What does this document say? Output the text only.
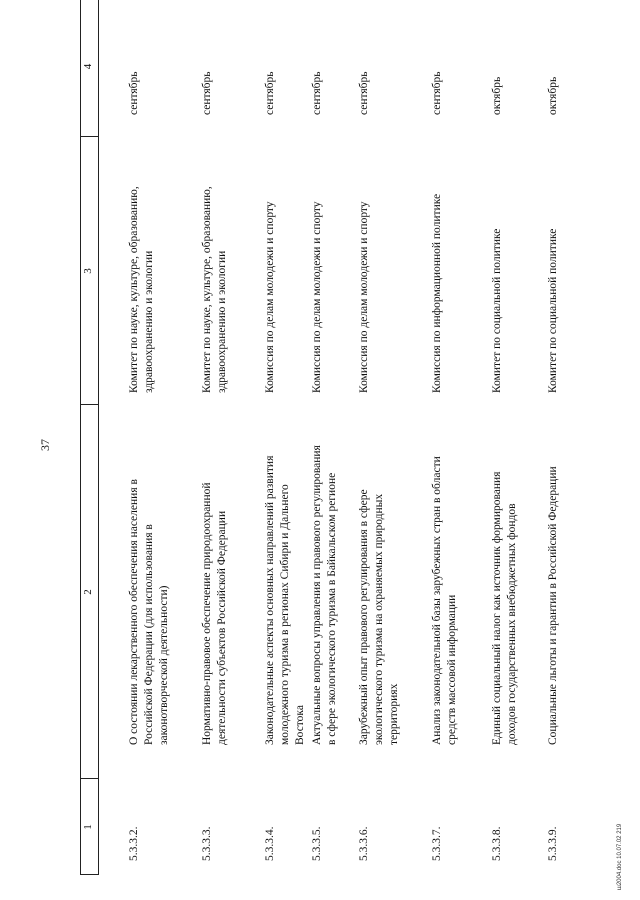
37
1
2
3
4
5.3.3.2.
О состоянии лекарственного обеспечения населения в Российской Федерации (для использования в законотворческой деятельности)
Комитет по науке, культуре, образованию, здравоохранению и экологии
сентябрь
5.3.3.3.
Нормативно-правовое обеспечение природоохранной деятельности субъектов Российской Федерации
Комитет по науке, культуре, образованию, здравоохранению и экологии
сентябрь
5.3.3.4.
Законодательные аспекты основных направлений развития молодежного туризма в регионах Сибири и Дальнего Востока
Комиссия по делам молодежи и спорту
сентябрь
5.3.3.5.
Актуальные вопросы управления и правового регулирования в сфере экологического туризма в Байкальском регионе
Комиссия по делам молодежи и спорту
сентябрь
5.3.3.6.
Зарубежный опыт правового регулирования в сфере экологического туризма на охраняемых природных территориях
Комиссия по делам молодежи и спорту
сентябрь
5.3.3.7.
Анализ законодательной базы зарубежных стран в области средств массовой информации
Комиссия по информационной политике
сентябрь
5.3.3.8.
Единый социальный налог как источник формирования доходов государственных внебюджетных фондов
Комитет по социальной политике
октябрь
5.3.3.9.
Социальные льготы и гарантии в Российской Федерации
Комитет по социальной политике
октябрь
ш2004.doc 10.07.02 219
